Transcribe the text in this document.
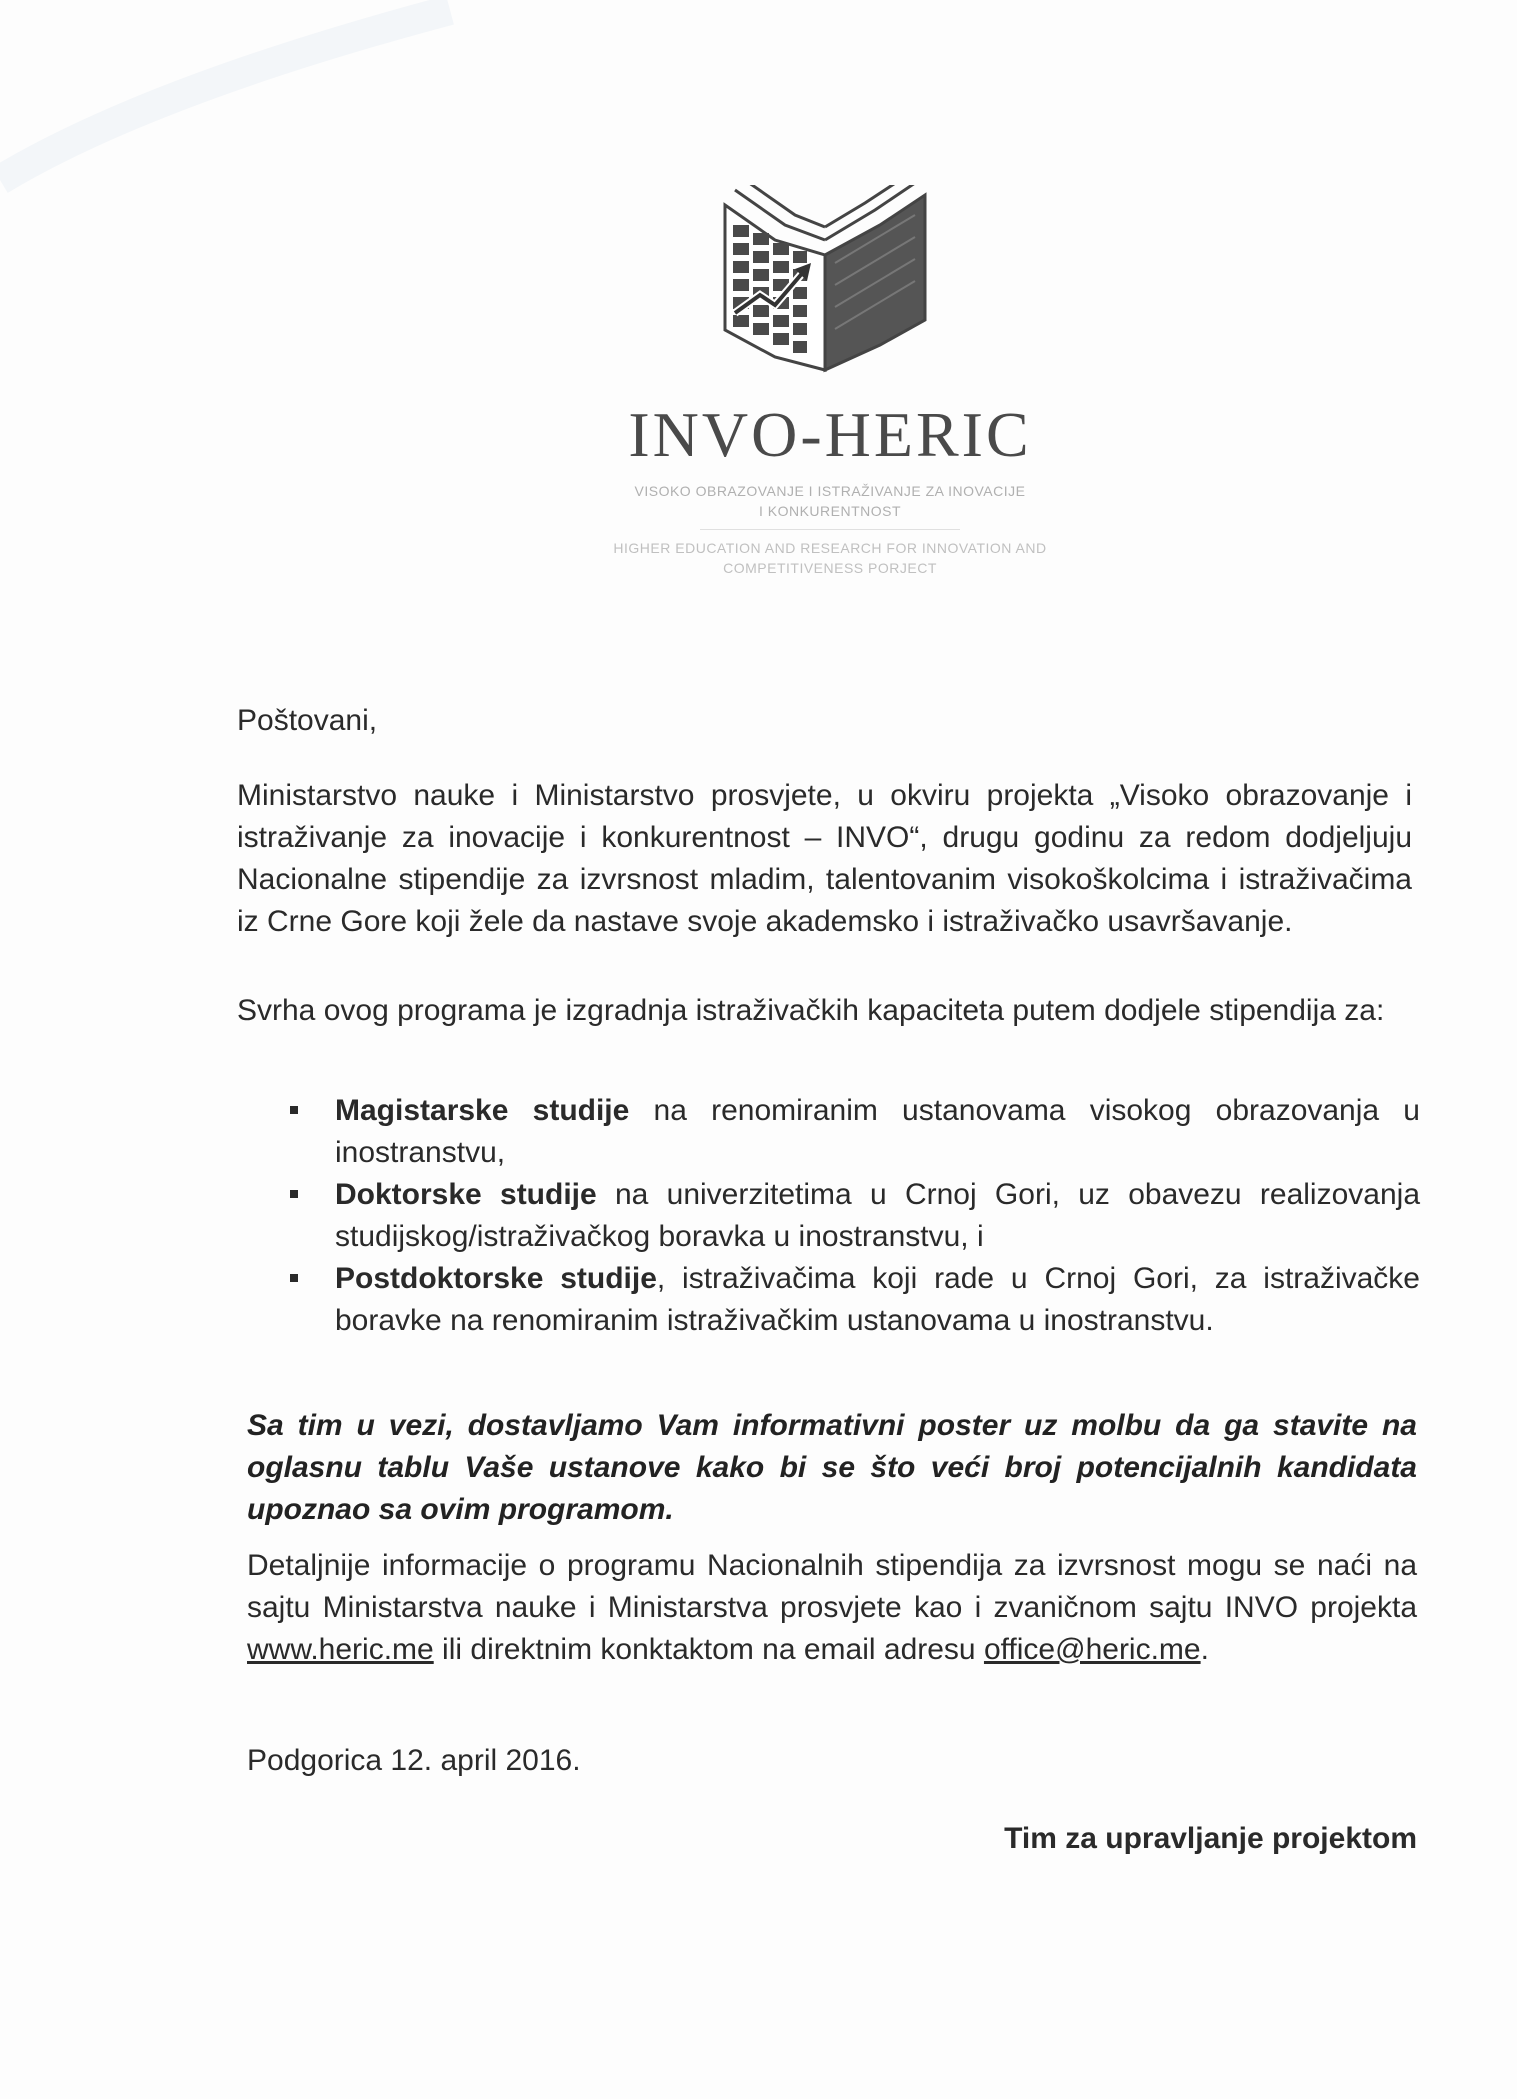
INVO-HERIC
VISOKO OBRAZOVANJE I ISTRAŽIVANJE ZA INOVACIJE
I KONKURENTNOST
HIGHER EDUCATION AND RESEARCH FOR INNOVATION AND
COMPETITIVENESS PORJECT
Poštovani,
Ministarstvo nauke i Ministarstvo prosvjete, u okviru projekta „Visoko obrazovanje i istraživanje za inovacije i konkurentnost – INVO“, drugu godinu za redom dodjeljuju Nacionalne stipendije za izvrsnost mladim, talentovanim visokoškolcima i istraživačima iz Crne Gore koji žele da nastave svoje akademsko i istraživačko usavršavanje.
Svrha ovog programa je izgradnja istraživačkih kapaciteta putem dodjele stipendija za:
Magistarske studije na renomiranim ustanovama visokog obrazovanja u inostranstvu,
Doktorske studije na univerzitetima u Crnoj Gori, uz obavezu realizovanja studijskog/istraživačkog boravka u inostranstvu, i
Postdoktorske studije, istraživačima koji rade u Crnoj Gori, za istraživačke boravke na renomiranim istraživačkim ustanovama u inostranstvu.
Sa tim u vezi, dostavljamo Vam informativni poster uz molbu da ga stavite na oglasnu tablu Vaše ustanove kako bi se što veći broj potencijalnih kandidata upoznao sa ovim programom.
Detaljnije informacije o programu Nacionalnih stipendija za izvrsnost mogu se naći na sajtu Ministarstva nauke i Ministarstva prosvjete kao i zvaničnom sajtu INVO projekta www.heric.me ili direktnim konktaktom na email adresu office@heric.me.
Podgorica 12. april 2016.
Tim za upravljanje projektom
